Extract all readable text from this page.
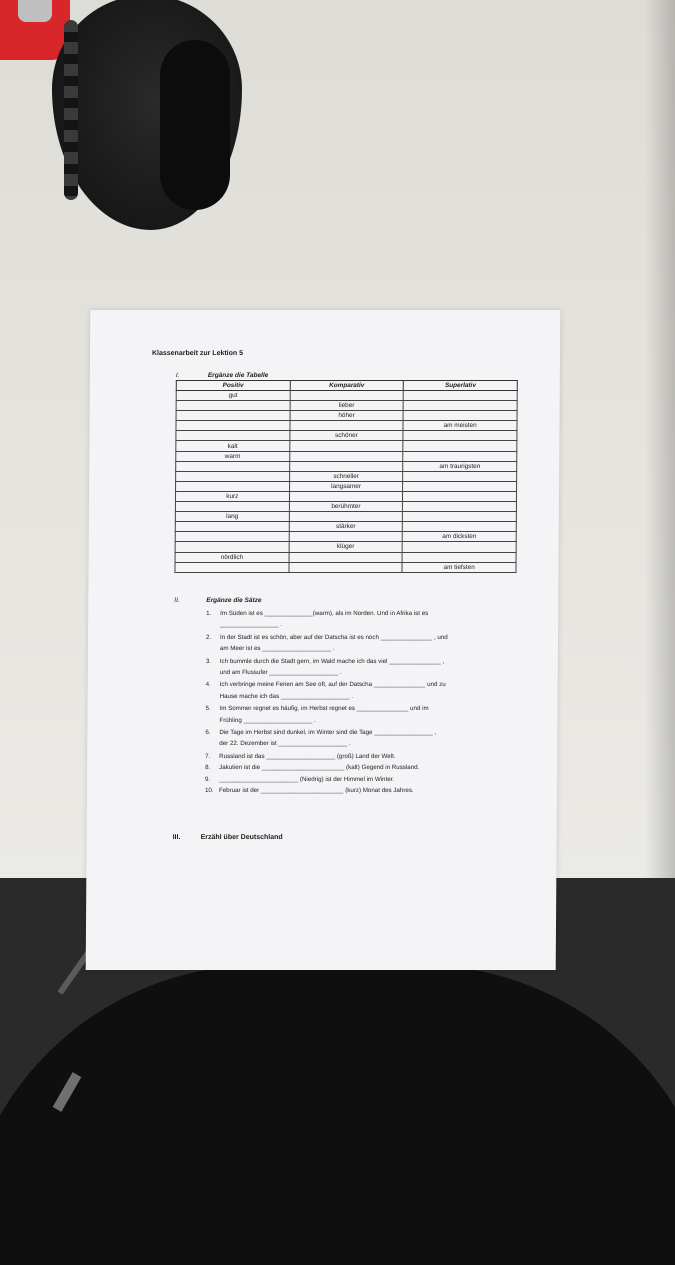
Klassenarbeit zur Lektion 5
I.	Ergänze die Tabelle
Positiv	Komparativ	Superlativ
gut		
	lieber	
	höher	
		am meisten
	schöner	
kalt		
warm		
		am traurigsten
	schneller	
	langsamer	
kurz		
	berühmter	
lang		
	stärker	
		am dicksten
	klüger	
nördlich		
		am tiefsten
II.	Ergänze die Sätze
1.	Im Süden ist es ______________(warm), als im Norden. Und in Afrika ist es
_________________ .
2.	In der Stadt ist es schön, aber auf der Datscha ist es noch _______________ , und
am Meer ist es ____________________ .
3.	Ich bummle durch die Stadt gern, im Wald mache ich das viel _______________ ,
und am Flussufer ____________________ .
4.	Ich verbringe meine Ferien am See oft, auf der Datscha _______________ und zu
Hause mache ich das ____________________ .
5.	Im Sommer regnet es häufig, im Herbst regnet es _______________ und im
Frühling ____________________ .
6.	Die Tage im Herbst sind dunkel, im Winter sind die Tage _________________ ,
der 22. Dezember ist ____________________ .
7.	Russland ist das ____________________ (groß) Land der Welt.
8.	Jakutien ist die ________________________ (kalt) Gegend in Russland.
9.	_______________________ (Niedrig) ist der Himmel im Winter.
10. Februar ist der ________________________ (kurz) Monat des Jahres.
III.	Erzähl über Deutschland
